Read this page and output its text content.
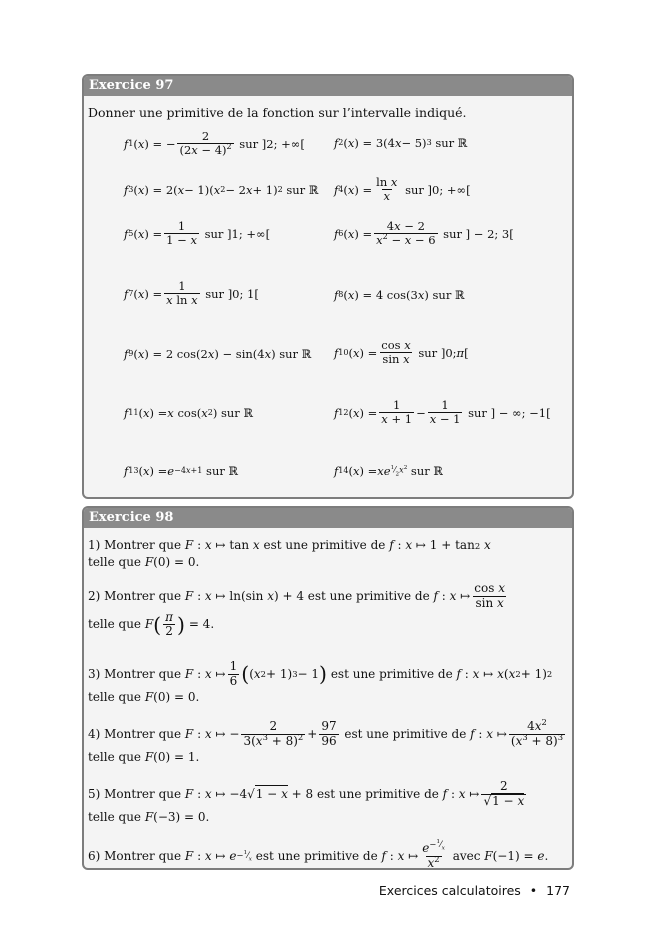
Exercice 97
Donner une primitive de la fonction sur l’intervalle indiqué.
f 1 ( x ) = − $\frac{2}{(2x - 4)^2}$ sur ]2; +∞[	f 2 ( x ) = 3(4 x − 5) 3 sur ℝ
f 3 ( x ) = 2( x − 1)( x 2 − 2 x + 1) 2 sur ℝ f 4 ( x ) = $\frac{\text{ln x}}{x}$ sur ]0; +∞[
f 5 ( x ) = $\frac{1}{1 - x}$ sur ]1; +∞[	f 6 ( x ) = $\frac{4x - 2}{x^2 - x - 6}$ sur ] − 2; 3[
f 7 ( x ) = $\frac{1}{\text{x ln x}}$ sur ]0; 1[	f 8 ( x ) = 4 cos(3 x ) sur ℝ
f 9 ( x ) = 2 cos(2 x ) − sin(4 x ) sur ℝ f 10 ( x ) = $\frac{\text{cos x}}{\text{sin x}}$ sur ]0; π [
f 11 ( x ) = x cos( x 2 ) sur ℝ	f 12 ( x ) = $\frac{1}{x + 1} - \frac{1}{x - 1}$ sur ] − ∞; −1[
f 13 ( x ) = e −4x+1 sur ℝ	f 14 ( x ) = xe $^1⁄_2x^2$ sur ℝ
Exercice 98
1) Montrer que F : x ↦ tan x est une primitive de f : x ↦ 1 + tan 2
x
telle que F (0) = 0.
2) Montrer que F : x ↦ ln(sin x ) + 4 est une primitive de f : x ↦ $\frac{\text{cos x}}{\text{sin x}}$
telle que F ( $\frac{\pi}{2}$ ) = 4.
3) Montrer que F : x ↦ $\frac{1}{6}$ ( ( x 2 + 1) 3 − 1 ) est une primitive de f : x ↦ x ( x 2 + 1) 2
telle que F (0) = 0.
4) Montrer que F : x ↦ − $\frac{2}{3(x^3 + 8)^2} + \frac{97}{96}$ est une primitive de f : x ↦ $\frac{4x^2}{(x^3 + 8)^3}$
telle que F (0) = 1.
5) Montrer que F : x ↦ −4√ 1 − x + 8 est une primitive de f : x ↦ $\frac{2}{√1 - x}$
telle que F (−3) = 0.
6) Montrer que F : x ↦ $e -^1⁄_x$ est une primitive de f : x ↦ $\frac{e^{-^1⁄_x}}{x^2}$ avec F (−1) = e .
Exercices calculatoires • 177
